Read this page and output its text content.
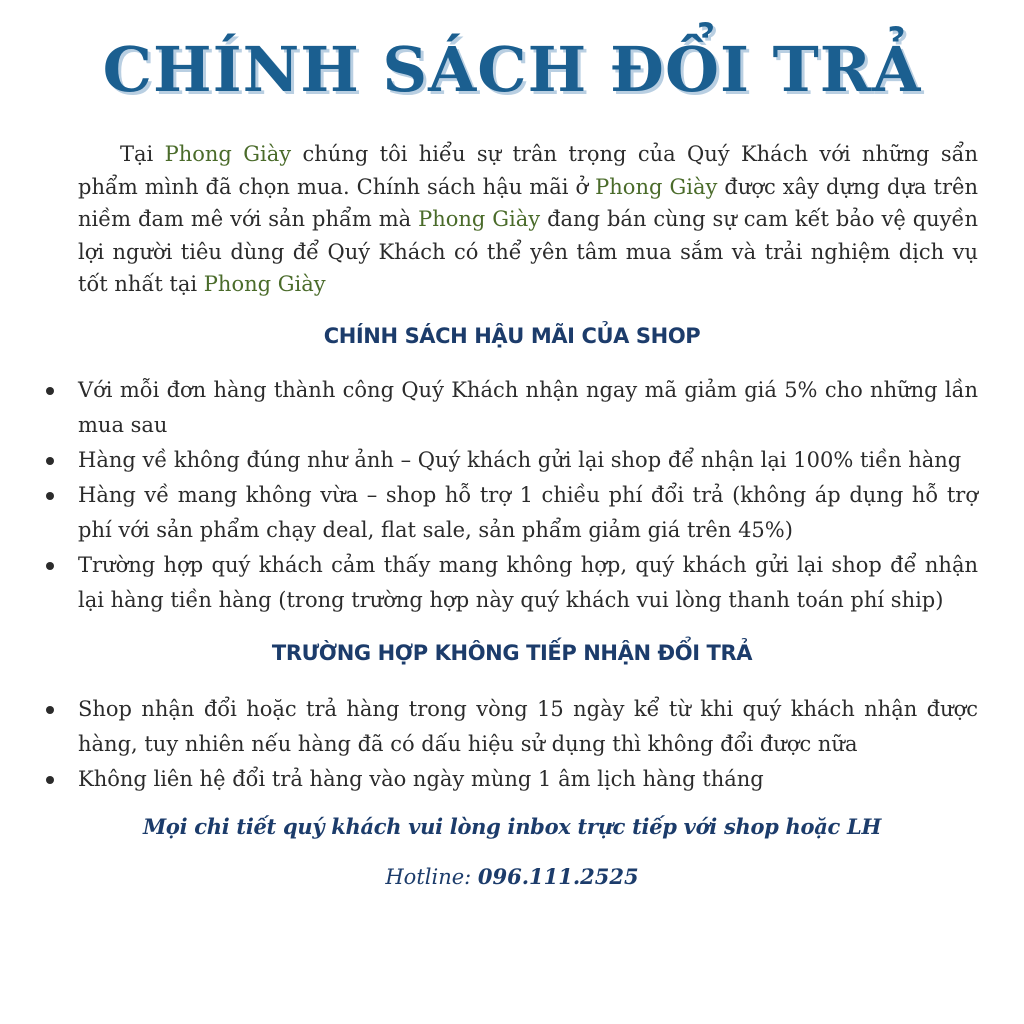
CHÍNH SÁCH ĐỔI TRẢ

Tại Phong Giày chúng tôi hiểu sự trân trọng của Quý Khách với những sẩn phẩm mình đã chọn mua. Chính sách hậu mãi ở Phong Giày được xây dựng dựa trên niềm đam mê với sản phẩm mà Phong Giày đang bán cùng sự cam kết bảo vệ quyền lợi người tiêu dùng để Quý Khách có thể yên tâm mua sắm và trải nghiệm dịch vụ tốt nhất tại Phong Giày

CHÍNH SÁCH HẬU MÃI CỦA SHOP
Với mỗi đơn hàng thành công Quý Khách nhận ngay mã giảm giá 5% cho những lần mua sau
Hàng về không đúng như ảnh – Quý khách gửi lại shop để nhận lại 100% tiền hàng
Hàng về mang không vừa – shop hỗ trợ 1 chiều phí đổi trả (không áp dụng hỗ trợ phí với sản phẩm chạy deal, flat sale, sản phẩm giảm giá trên 45%)
Trường hợp quý khách cảm thấy mang không hợp, quý khách gửi lại shop để nhận lại hàng tiền hàng (trong trường hợp này quý khách vui lòng thanh toán phí ship)
TRƯỜNG HỢP KHÔNG TIẾP NHẬN ĐỔI TRẢ
Shop nhận đổi hoặc trả hàng trong vòng 15 ngày kể từ khi quý khách nhận được hàng, tuy nhiên nếu hàng đã có dấu hiệu sử dụng thì không đổi được nữa
Không liên hệ đổi trả hàng vào ngày mùng 1 âm lịch hàng tháng

Mọi chi tiết quý khách vui lòng inbox trực tiếp với shop hoặc LH

Hotline: 096.111.2525
